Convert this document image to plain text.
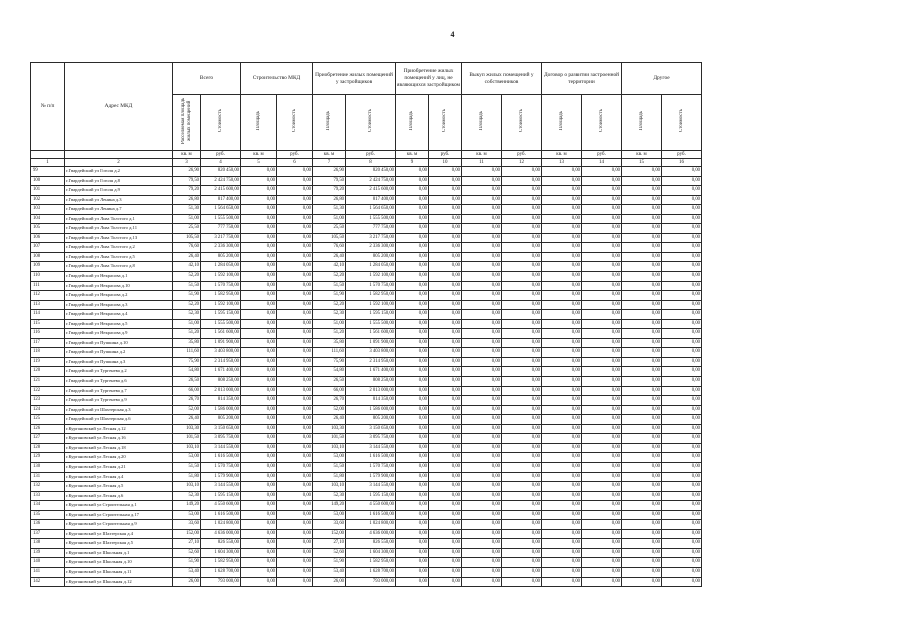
4
№ п/п	Адрес МКД	Всего		Строительство МКД		Приобретение жилых помещений у застройщиков		Приобретение жилых помещений у лиц, не являющихся застройщиком		Выкуп жилых помещений у собственников		Договор о развитии застроенной территории		Другое	
		Расселяемая площадь жилых помещений	Стоимость	Площадь	Стоимость	Площадь	Стоимость	Площадь	Стоимость	Площадь	Стоимость	Площадь	Стоимость	Площадь	Стоимость
		кв. м	руб.	кв. м	руб.	кв. м	руб.	кв. м	руб.	кв. м	руб.	кв. м	руб.	кв. м	руб.
1	2	3	4	5	6	7	8	9	10	11	12	13	14	15	16
99	г.Гвардейский ул Гоголя д.2	26,90	820 450,00	0,00	0,00	26,90	820 450,00	0,00	0,00	0,00	0,00	0,00	0,00	0,00	0,00
100	г.Гвардейский ул Гоголя д.8	79,50	2 424 750,00	0,00	0,00	79,50	2 424 750,00	0,00	0,00	0,00	0,00	0,00	0,00	0,00	0,00
101	г.Гвардейский ул Гоголя д.9	79,20	2 415 600,00	0,00	0,00	79,20	2 415 600,00	0,00	0,00	0,00	0,00	0,00	0,00	0,00	0,00
102	г.Гвардейский ул Ленина д.3	26,80	817 400,00	0,00	0,00	26,80	817 400,00	0,00	0,00	0,00	0,00	0,00	0,00	0,00	0,00
103	г.Гвардейский ул Ленина д.7	51,30	1 564 650,00	0,00	0,00	51,30	1 564 650,00	0,00	0,00	0,00	0,00	0,00	0,00	0,00	0,00
104	г.Гвардейский ул Льва Толстого д.1	51,00	1 555 500,00	0,00	0,00	51,00	1 555 500,00	0,00	0,00	0,00	0,00	0,00	0,00	0,00	0,00
105	г.Гвардейский ул Льва Толстого д.11	25,50	777 750,00	0,00	0,00	25,50	777 750,00	0,00	0,00	0,00	0,00	0,00	0,00	0,00	0,00
106	г.Гвардейский ул Льва Толстого д.13	105,50	3 217 750,00	0,00	0,00	105,50	3 217 750,00	0,00	0,00	0,00	0,00	0,00	0,00	0,00	0,00
107	г.Гвардейский ул Льва Толстого д.2	76,60	2 336 300,00	0,00	0,00	76,60	2 336 300,00	0,00	0,00	0,00	0,00	0,00	0,00	0,00	0,00
108	г.Гвардейский ул Льва Толстого д.5	26,40	805 200,00	0,00	0,00	26,40	805 200,00	0,00	0,00	0,00	0,00	0,00	0,00	0,00	0,00
109	г.Гвардейский ул Льва Толстого д.8	42,10	1 284 050,00	0,00	0,00	42,10	1 284 050,00	0,00	0,00	0,00	0,00	0,00	0,00	0,00	0,00
110	г.Гвардейский ул Некрасова д.1	52,20	1 592 100,00	0,00	0,00	52,20	1 592 100,00	0,00	0,00	0,00	0,00	0,00	0,00	0,00	0,00
111	г.Гвардейский ул Некрасова д.10	51,50	1 570 750,00	0,00	0,00	51,50	1 570 750,00	0,00	0,00	0,00	0,00	0,00	0,00	0,00	0,00
112	г.Гвардейский ул Некрасова д.2	51,90	1 582 950,00	0,00	0,00	51,90	1 582 950,00	0,00	0,00	0,00	0,00	0,00	0,00	0,00	0,00
113	г.Гвардейский ул Некрасова д.3	52,20	1 592 100,00	0,00	0,00	52,20	1 592 100,00	0,00	0,00	0,00	0,00	0,00	0,00	0,00	0,00
114	г.Гвардейский ул Некрасова д.4	52,30	1 595 150,00	0,00	0,00	52,30	1 595 150,00	0,00	0,00	0,00	0,00	0,00	0,00	0,00	0,00
115	г.Гвардейский ул Некрасова д.5	51,00	1 555 500,00	0,00	0,00	51,00	1 555 500,00	0,00	0,00	0,00	0,00	0,00	0,00	0,00	0,00
116	г.Гвардейский ул Некрасова д.9	51,20	1 561 600,00	0,00	0,00	51,20	1 561 600,00	0,00	0,00	0,00	0,00	0,00	0,00	0,00	0,00
117	г.Гвардейский ул Пушкина д.10	35,80	1 091 900,00	0,00	0,00	35,80	1 091 900,00	0,00	0,00	0,00	0,00	0,00	0,00	0,00	0,00
118	г.Гвардейский ул Пушкина д.2	111,60	3 403 800,00	0,00	0,00	111,60	3 403 800,00	0,00	0,00	0,00	0,00	0,00	0,00	0,00	0,00
119	г.Гвардейский ул Пушкина д.3	75,90	2 314 950,00	0,00	0,00	75,90	2 314 950,00	0,00	0,00	0,00	0,00	0,00	0,00	0,00	0,00
120	г.Гвардейский ул Тургенева д.2	54,80	1 671 400,00	0,00	0,00	54,80	1 671 400,00	0,00	0,00	0,00	0,00	0,00	0,00	0,00	0,00
121	г.Гвардейский ул Тургенева д.6	26,50	808 250,00	0,00	0,00	26,50	808 250,00	0,00	0,00	0,00	0,00	0,00	0,00	0,00	0,00
122	г.Гвардейский ул Тургенева д.7	66,00	2 013 000,00	0,00	0,00	66,00	2 013 000,00	0,00	0,00	0,00	0,00	0,00	0,00	0,00	0,00
123	г.Гвардейский ул Тургенева д.9	26,70	814 350,00	0,00	0,00	26,70	814 350,00	0,00	0,00	0,00	0,00	0,00	0,00	0,00	0,00
124	г.Гвардейский ул Шахтерская д.3	52,00	1 586 000,00	0,00	0,00	52,00	1 586 000,00	0,00	0,00	0,00	0,00	0,00	0,00	0,00	0,00
125	г.Гвардейский ул Шахтерская д.6	26,40	805 200,00	0,00	0,00	26,40	805 200,00	0,00	0,00	0,00	0,00	0,00	0,00	0,00	0,00
126	г.Кургановский ул Лесная д.12	103,30	3 150 650,00	0,00	0,00	103,30	3 150 650,00	0,00	0,00	0,00	0,00	0,00	0,00	0,00	0,00
127	г.Кургановский ул Лесная д.16	101,50	3 095 750,00	0,00	0,00	101,50	3 095 750,00	0,00	0,00	0,00	0,00	0,00	0,00	0,00	0,00
128	г.Кургановский ул Лесная д.18	103,10	3 144 550,00	0,00	0,00	103,10	3 144 550,00	0,00	0,00	0,00	0,00	0,00	0,00	0,00	0,00
129	г.Кургановский ул Лесная д.20	53,00	1 616 500,00	0,00	0,00	53,00	1 616 500,00	0,00	0,00	0,00	0,00	0,00	0,00	0,00	0,00
130	г.Кургановский ул Лесная д.21	51,50	1 570 750,00	0,00	0,00	51,50	1 570 750,00	0,00	0,00	0,00	0,00	0,00	0,00	0,00	0,00
131	г.Кургановский ул Лесная д.4	51,80	1 579 900,00	0,00	0,00	51,80	1 579 900,00	0,00	0,00	0,00	0,00	0,00	0,00	0,00	0,00
132	г.Кургановский ул Лесная д.5	103,10	3 144 550,00	0,00	0,00	103,10	3 144 550,00	0,00	0,00	0,00	0,00	0,00	0,00	0,00	0,00
133	г.Кургановский ул Лесная д.6	52,30	1 595 150,00	0,00	0,00	52,30	1 595 150,00	0,00	0,00	0,00	0,00	0,00	0,00	0,00	0,00
134	г.Кургановский ул Строительная д.1	149,20	4 550 600,00	0,00	0,00	149,20	4 550 600,00	0,00	0,00	0,00	0,00	0,00	0,00	0,00	0,00
135	г.Кургановский ул Строительная д.17	53,00	1 616 500,00	0,00	0,00	53,00	1 616 500,00	0,00	0,00	0,00	0,00	0,00	0,00	0,00	0,00
136	г.Кургановский ул Строительная д.9	33,60	1 024 800,00	0,00	0,00	33,60	1 024 800,00	0,00	0,00	0,00	0,00	0,00	0,00	0,00	0,00
137	г.Кургановский ул Шахтерская д.4	152,00	4 636 000,00	0,00	0,00	152,00	4 636 000,00	0,00	0,00	0,00	0,00	0,00	0,00	0,00	0,00
138	г.Кургановский ул Шахтерская д.5	27,10	826 550,00	0,00	0,00	27,10	826 550,00	0,00	0,00	0,00	0,00	0,00	0,00	0,00	0,00
139	г.Кургановский ул Школьная д.1	52,60	1 604 300,00	0,00	0,00	52,60	1 604 300,00	0,00	0,00	0,00	0,00	0,00	0,00	0,00	0,00
140	г.Кургановский ул Школьная д.10	51,90	1 582 950,00	0,00	0,00	51,90	1 582 950,00	0,00	0,00	0,00	0,00	0,00	0,00	0,00	0,00
141	г.Кургановский ул Школьная д.11	53,40	1 628 700,00	0,00	0,00	53,40	1 628 700,00	0,00	0,00	0,00	0,00	0,00	0,00	0,00	0,00
142	г.Кургановский ул Школьная д.12	26,00	793 000,00	0,00	0,00	26,00	793 000,00	0,00	0,00	0,00	0,00	0,00	0,00	0,00	0,00
